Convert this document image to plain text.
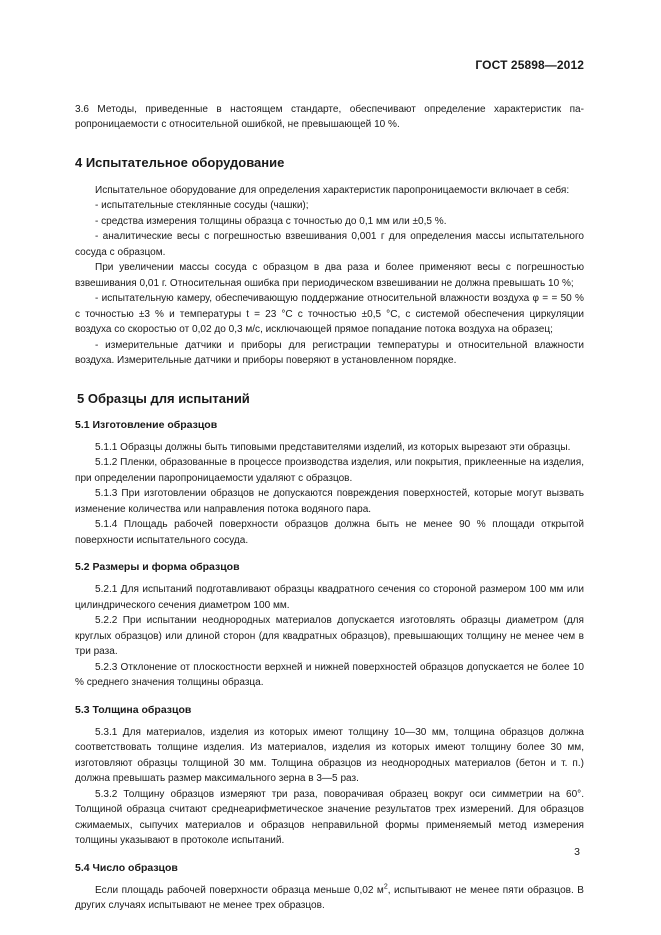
ГОСТ 25898—2012

3.6 Методы, приведенные в настоящем стандарте, обеспечивают определение характеристик паропроницаемости с относительной ошибкой, не превышающей 10 %.

4 Испытательное оборудование

Испытательное оборудование для определения характеристик паропроницаемости включает в себя:

- испытательные стеклянные сосуды (чашки);

- средства измерения толщины образца с точностью до 0,1 мм или ±0,5 %.

- аналитические весы с погрешностью взвешивания 0,001 г для определения массы испытательного сосуда с образцом.

При увеличении массы сосуда с образцом в два раза и более применяют весы с погрешностью взвешивания 0,01 г. Относительная ошибка при периодическом взвешивании не должна превышать 10 %;

- испытательную камеру, обеспечивающую поддержание относительной влажности воздуха φ = = 50 % с точностью ±3 % и температуры t = 23 °С с точностью ±0,5 °С, с системой обеспечения циркуляции воздуха со скоростью от 0,02 до 0,3 м/с, исключающей прямое попадание потока воздуха на образец;

- измерительные датчики и приборы для регистрации температуры и относительной влажности воздуха. Измерительные датчики и приборы поверяют в установленном порядке.

5 Образцы для испытаний
5.1 Изготовление образцов

5.1.1 Образцы должны быть типовыми представителями изделий, из которых вырезают эти образцы.

5.1.2 Пленки, образованные в процессе производства изделия, или покрытия, приклеенные на изделия, при определении паропроницаемости удаляют с образцов.

5.1.3 При изготовлении образцов не допускаются повреждения поверхностей, которые могут вызвать изменение количества или направления потока водяного пара.

5.1.4 Площадь рабочей поверхности образцов должна быть не менее 90 % площади открытой поверхности испытательного сосуда.

5.2 Размеры и форма образцов

5.2.1 Для испытаний подготавливают образцы квадратного сечения со стороной размером 100 мм или цилиндрического сечения диаметром 100 мм.

5.2.2 При испытании неоднородных материалов допускается изготовлять образцы диаметром (для круглых образцов) или длиной сторон (для квадратных образцов), превышающих толщину не менее чем в три раза.

5.2.3 Отклонение от плоскостности верхней и нижней поверхностей образцов допускается не более 10 % среднего значения толщины образца.

5.3 Толщина образцов

5.3.1 Для материалов, изделия из которых имеют толщину 10—30 мм, толщина образцов должна соответствовать толщине изделия. Из материалов, изделия из которых имеют толщину более 30 мм, изготовляют образцы толщиной 30 мм. Толщина образцов из неоднородных материалов (бетон и т. п.) должна превышать размер максимального зерна в 3—5 раз.

5.3.2 Толщину образцов измеряют три раза, поворачивая образец вокруг оси симметрии на 60°. Толщиной образца считают среднеарифметическое значение результатов трех измерений. Для образцов сжимаемых, сыпучих материалов и образцов неправильной формы применяемый метод измерения толщины указывают в протоколе испытаний.

5.4 Число образцов

Если площадь рабочей поверхности образца меньше 0,02 $м^2$, испытывают не менее пяти образцов. В других случаях испытывают не менее трех образцов.

3
